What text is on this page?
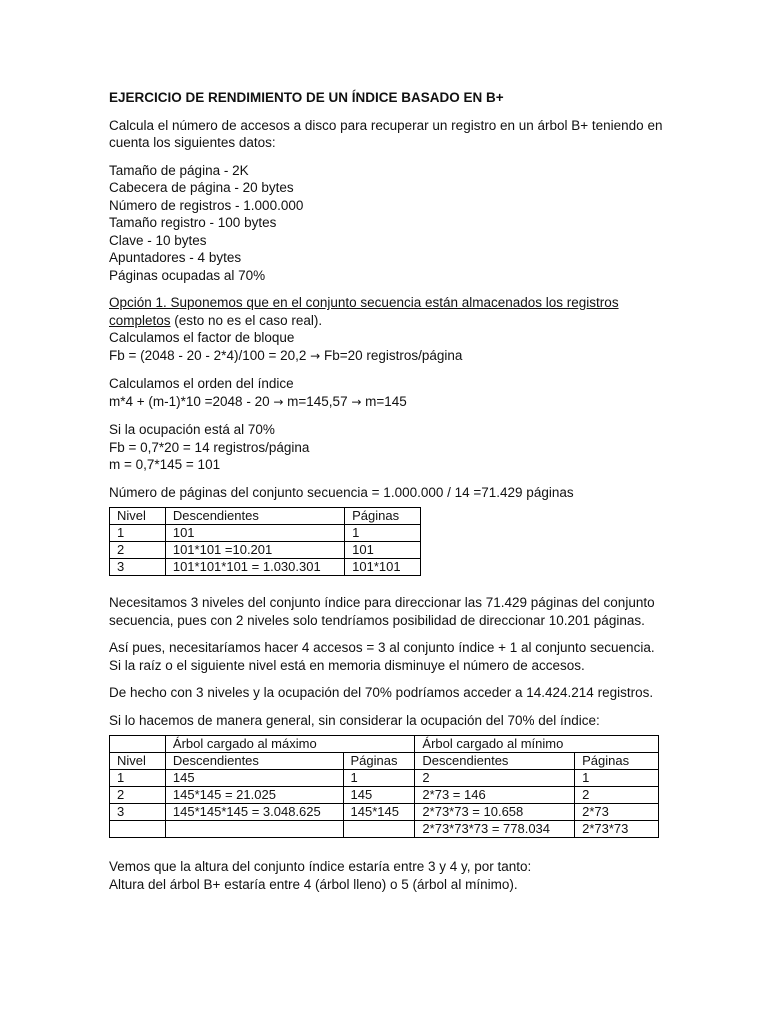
EJERCICIO DE RENDIMIENTO DE UN ÍNDICE BASADO EN B+

Calcula el número de accesos a disco para recuperar un registro en un árbol B+ teniendo en cuenta los siguientes datos:

Tamaño de página - 2K

Cabecera de página - 20 bytes

Número de registros - 1.000.000

Tamaño registro - 100 bytes

Clave - 10 bytes

Apuntadores - 4 bytes

Páginas ocupadas al 70%

Opción 1. Suponemos que en el conjunto secuencia están almacenados los registros completos (esto no es el caso real).

Calculamos el factor de bloque

Fb = (2048 - 20 - 2*4)/100 = 20,2 → Fb=20 registros/página

Calculamos el orden del índice

m*4 + (m-1)*10 =2048 - 20 → m=145,57 → m=145

Si la ocupación está al 70%

Fb = 0,7*20 = 14 registros/página

m = 0,7*145 = 101

Número de páginas del conjunto secuencia = 1.000.000 / 14 =71.429 páginas

Nivel	Descendientes	Páginas
1	101	1
2	101*101 =10.201	101
3	101*101*101 = 1.030.301	101*101

Necesitamos 3 niveles del conjunto índice para direccionar las 71.429 páginas del conjunto secuencia, pues con 2 niveles solo tendríamos posibilidad de direccionar 10.201 páginas.

Así pues, necesitaríamos hacer 4 accesos = 3 al conjunto índice + 1 al conjunto secuencia. Si la raíz o el siguiente nivel está en memoria disminuye el número de accesos.

De hecho con 3 niveles y la ocupación del 70% podríamos acceder a 14.424.214 registros.

Si lo hacemos de manera general, sin considerar la ocupación del 70% del índice:

	Árbol cargado al máximo		Árbol cargado al mínimo	
Nivel	Descendientes	Páginas	Descendientes	Páginas
1	145	1	2	1
2	145*145 = 21.025	145	2*73 = 146	2
3	145*145*145 = 3.048.625	145*145	2*73*73 = 10.658	2*73
			2*73*73*73 = 778.034	2*73*73

Vemos que la altura del conjunto índice estaría entre 3 y 4 y, por tanto:

Altura del árbol B+ estaría entre 4 (árbol lleno) o 5 (árbol al mínimo).
